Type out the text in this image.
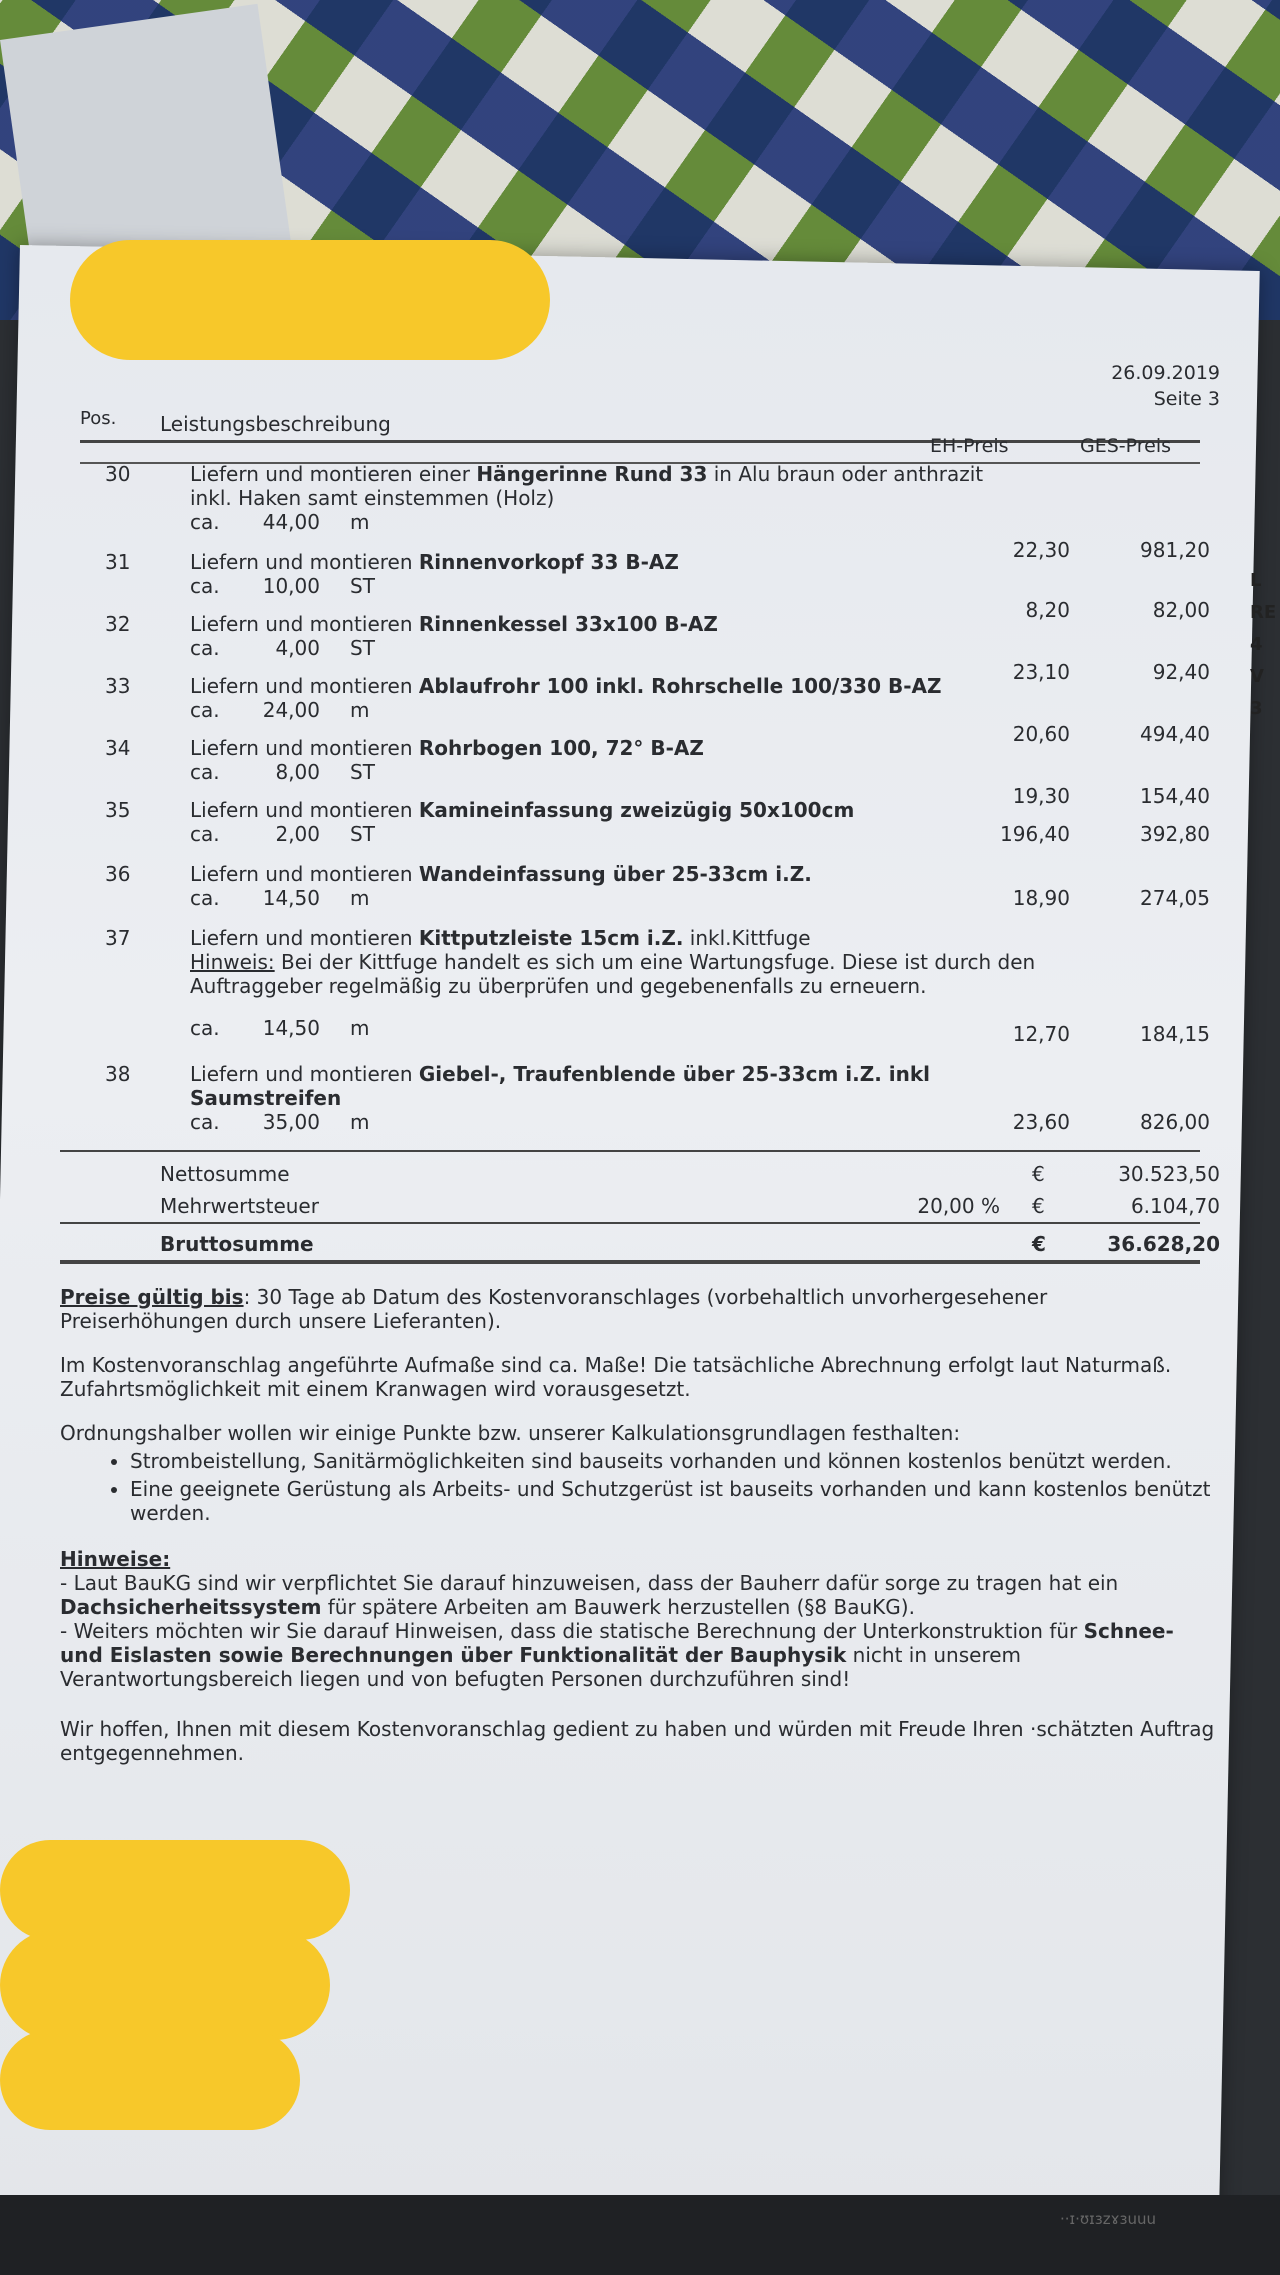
L RE 4 V 3
26.09.2019
Seite 3
Pos. Leistungsbeschreibung
EH-Preis	GES-Preis
30	Liefern und montieren einer Hängerinne Rund 33 in Alu braun oder anthrazit inkl. Haken samt einstemmen (Holz)
ca. 44,00 m
22,30	981,20
31	Liefern und montieren Rinnenvorkopf 33 B-AZ
ca. 10,00 ST
8,20	82,00
32	Liefern und montieren Rinnenkessel 33x100 B-AZ
ca.	4,00 ST
23,10	92,40
33	Liefern und montieren Ablaufrohr 100 inkl. Rohrschelle 100/330 B-AZ
ca. 24,00 m
20,60	494,40
34	Liefern und montieren Rohrbogen 100, 72° B-AZ
ca.	8,00 ST
19,30	154,40
35	Liefern und montieren Kamineinfassung zweizügig 50x100cm
ca.	2,00 ST	196,40	392,80
36	Liefern und montieren Wandeinfassung über 25-33cm i.Z.
ca. 14,50 m	18,90	274,05
37	Liefern und montieren Kittputzleiste 15cm i.Z. inkl.Kittfuge
Hinweis: Bei der Kittfuge handelt es sich um eine Wartungsfuge. Diese ist durch den Auftraggeber regelmäßig zu überprüfen und gegebenenfalls zu erneuern.
ca. 14,50 m	12,70	184,15
38	Liefern und montieren Giebel-, Traufenblende über 25-33cm i.Z. inkl Saumstreifen
ca. 35,00 m	23,60	826,00
Nettosumme	€	30.523,50
Mehrwertsteuer	20,00 % €	6.104,70
Bruttosumme	€	36.628,20

Preise gültig bis: 30 Tage ab Datum des Kostenvoranschlages (vorbehaltlich unvorhergesehener Preiserhöhungen durch unsere Lieferanten).

Im Kostenvoranschlag angeführte Aufmaße sind ca. Maße! Die tatsächliche Abrechnung erfolgt laut Naturmaß. Zufahrtsmöglichkeit mit einem Kranwagen wird vorausgesetzt.

Ordnungshalber wollen wir einige Punkte bzw. unserer Kalkulationsgrundlagen festhalten:
• Strombeistellung, Sanitärmöglichkeiten sind bauseits vorhanden und können kostenlos benützt werden.
• Eine geeignete Gerüstung als Arbeits- und Schutzgerüst ist bauseits vorhanden und kann kostenlos benützt werden.
Hinweise:
- Laut BauKG sind wir verpflichtet Sie darauf hinzuweisen, dass der Bauherr dafür sorge zu tragen hat ein Dachsicherheitssystem für spätere Arbeiten am Bauwerk herzustellen (§8 BauKG).
- Weiters möchten wir Sie darauf Hinweisen, dass die statische Berechnung der Unterkonstruktion für Schnee- und Eislasten sowie Berechnungen über Funktionalität der Bauphysik nicht in unserem Verantwortungsbereich liegen und von befugten Personen durchzuführen sind!

Wir hoffen, Ihnen mit diesem Kostenvoranschlag gedient zu haben und würden mit Freude Ihren ·schätzten Auftrag entgegennehmen.

··ɪ·ʊɪɜᴢɤɜuuu
